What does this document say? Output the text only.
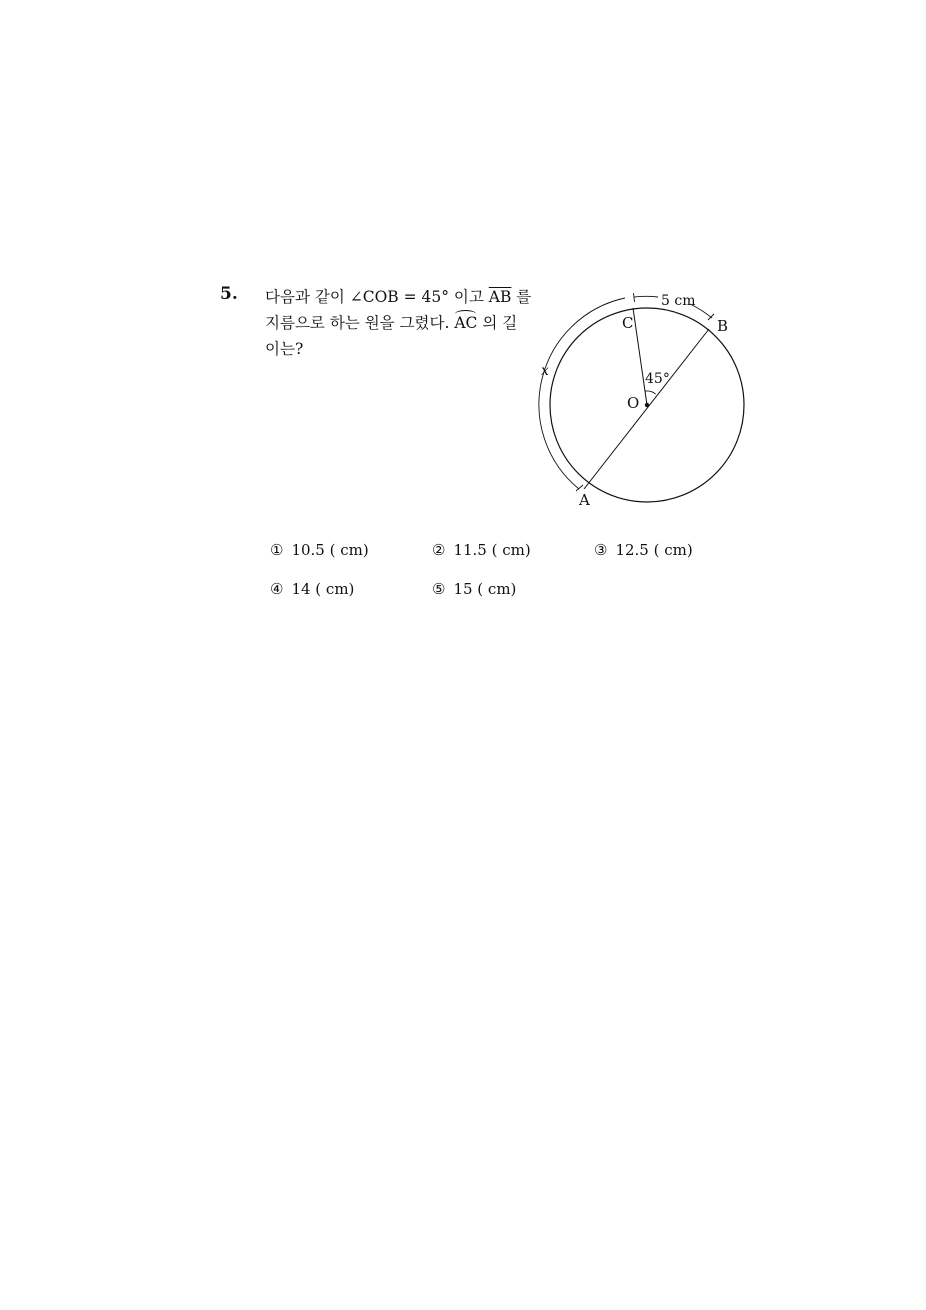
5. 다음과 같이 ∠COB = 45° 이고 $\overline{AB}$ 를
지름으로 하는 원을 그렸다. AC 의 길
이는?
C	B
A
O
45°
5 cm
x
① 10.5 ( cm)	② 11.5 ( cm)	③ 12.5 ( cm)
④ 14 ( cm)	⑤ 15 ( cm)
